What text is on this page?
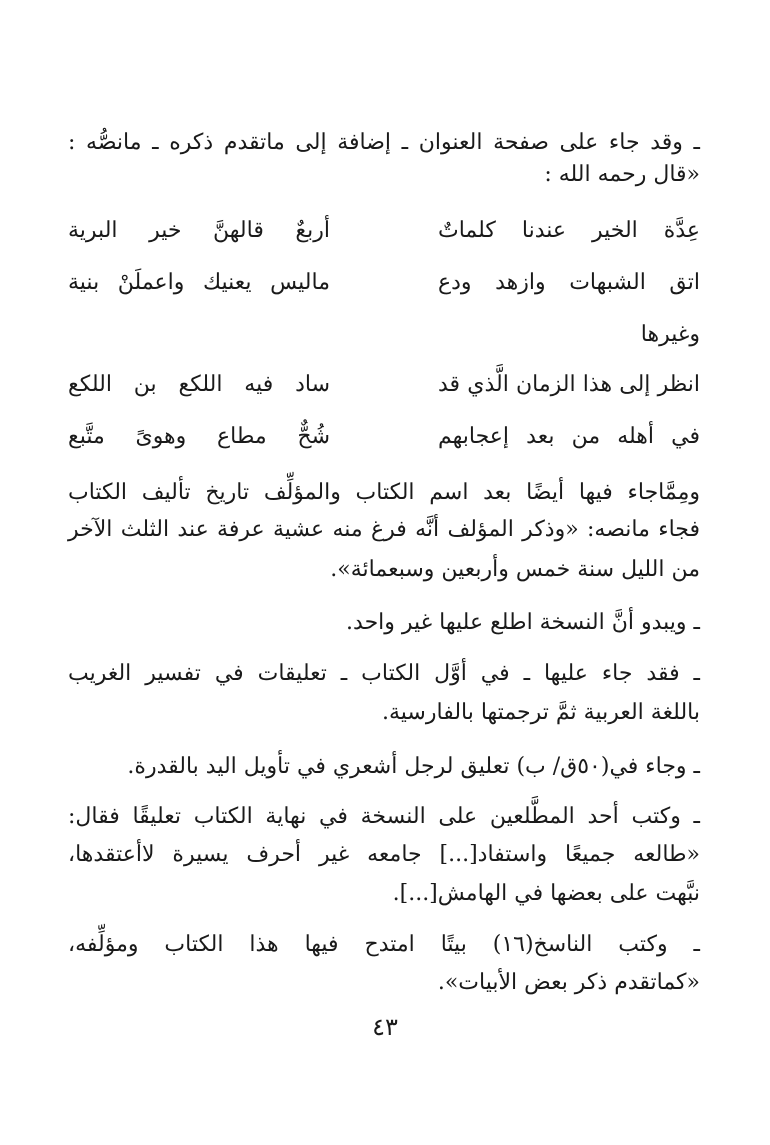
ـ وقد جاء على صفحة العنوان ـ إضافة إلى ماتقدم ذكره ـ مانصُّه :
«قال رحمه الله :
عِدَّة الخير عندنا كلماتٌ
أربعٌ قالهنَّ خير البرية
اتق الشبهات وازهد ودع
ماليس يعنيك واعملَنْ بنية
وغيرها
انظر إلى هذا الزمان الَّذي قد
ساد فيه اللكع بن اللكع
في أهله من بعد إعجابهم
شُحٌّ مطاع وهوىً متَّبع
ومِمَّاجاء فيها أيضًا بعد اسم الكتاب والمؤلِّف تاريخ تأليف الكتاب
فجاء مانصه: «وذكر المؤلف أنَّه فرغ منه عشية عرفة عند الثلث الآخر
من الليل سنة خمس وأربعين وسبعمائة».
ـ ويبدو أنَّ النسخة اطلع عليها غير واحد.
ـ فقد جاء عليها ـ في أوَّل الكتاب ـ تعليقات في تفسير الغريب
باللغة العربية ثمَّ ترجمتها بالفارسية.
ـ وجاء في(٥٠ق/ ب) تعليق لرجل أشعري في تأويل اليد بالقدرة.
ـ وكتب أحد المطَّلعين على النسخة في نهاية الكتاب تعليقًا فقال:
«طالعه جميعًا واستفاد[...] جامعه غير أحرف يسيرة لاأعتقدها،
نبَّهت على بعضها في الهامش[...].
ـ وكتب الناسخ(١٦) بيتًا امتدح فيها هذا الكتاب ومؤلِّفه،
«كماتقدم ذكر بعض الأبيات».
٤٣
